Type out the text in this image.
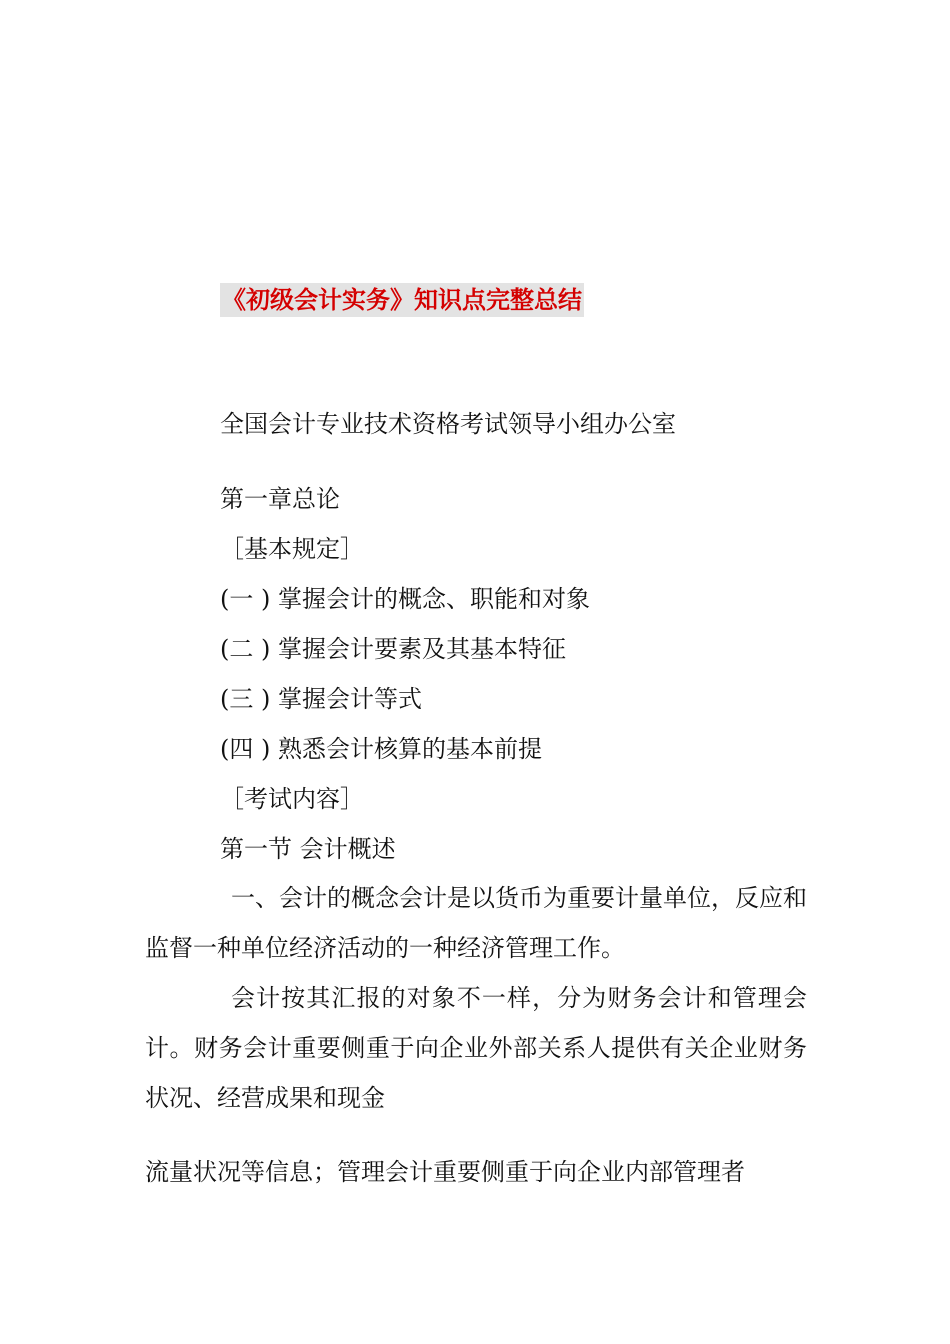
《初级会计实务》知识点完整总结
全国会计专业技术资格考试领导小组办公室
第一章总论
［基本规定］
(一 ) 掌握会计的概念、职能和对象
(二 ) 掌握会计要素及其基本特征
(三 ) 掌握会计等式
(四 ) 熟悉会计核算的基本前提
［考试内容］
第一节 会计概述
一、会计的概念会计是以货币为重要计量单位，反应和监督一种单位经济活动的一种经济管理工作。
会计按其汇报的对象不一样，分为财务会计和管理会计。财务会计重要侧重于向企业外部关系人提供有关企业财务状况、经营成果和现金
流量状况等信息；管理会计重要侧重于向企业内部管理者
